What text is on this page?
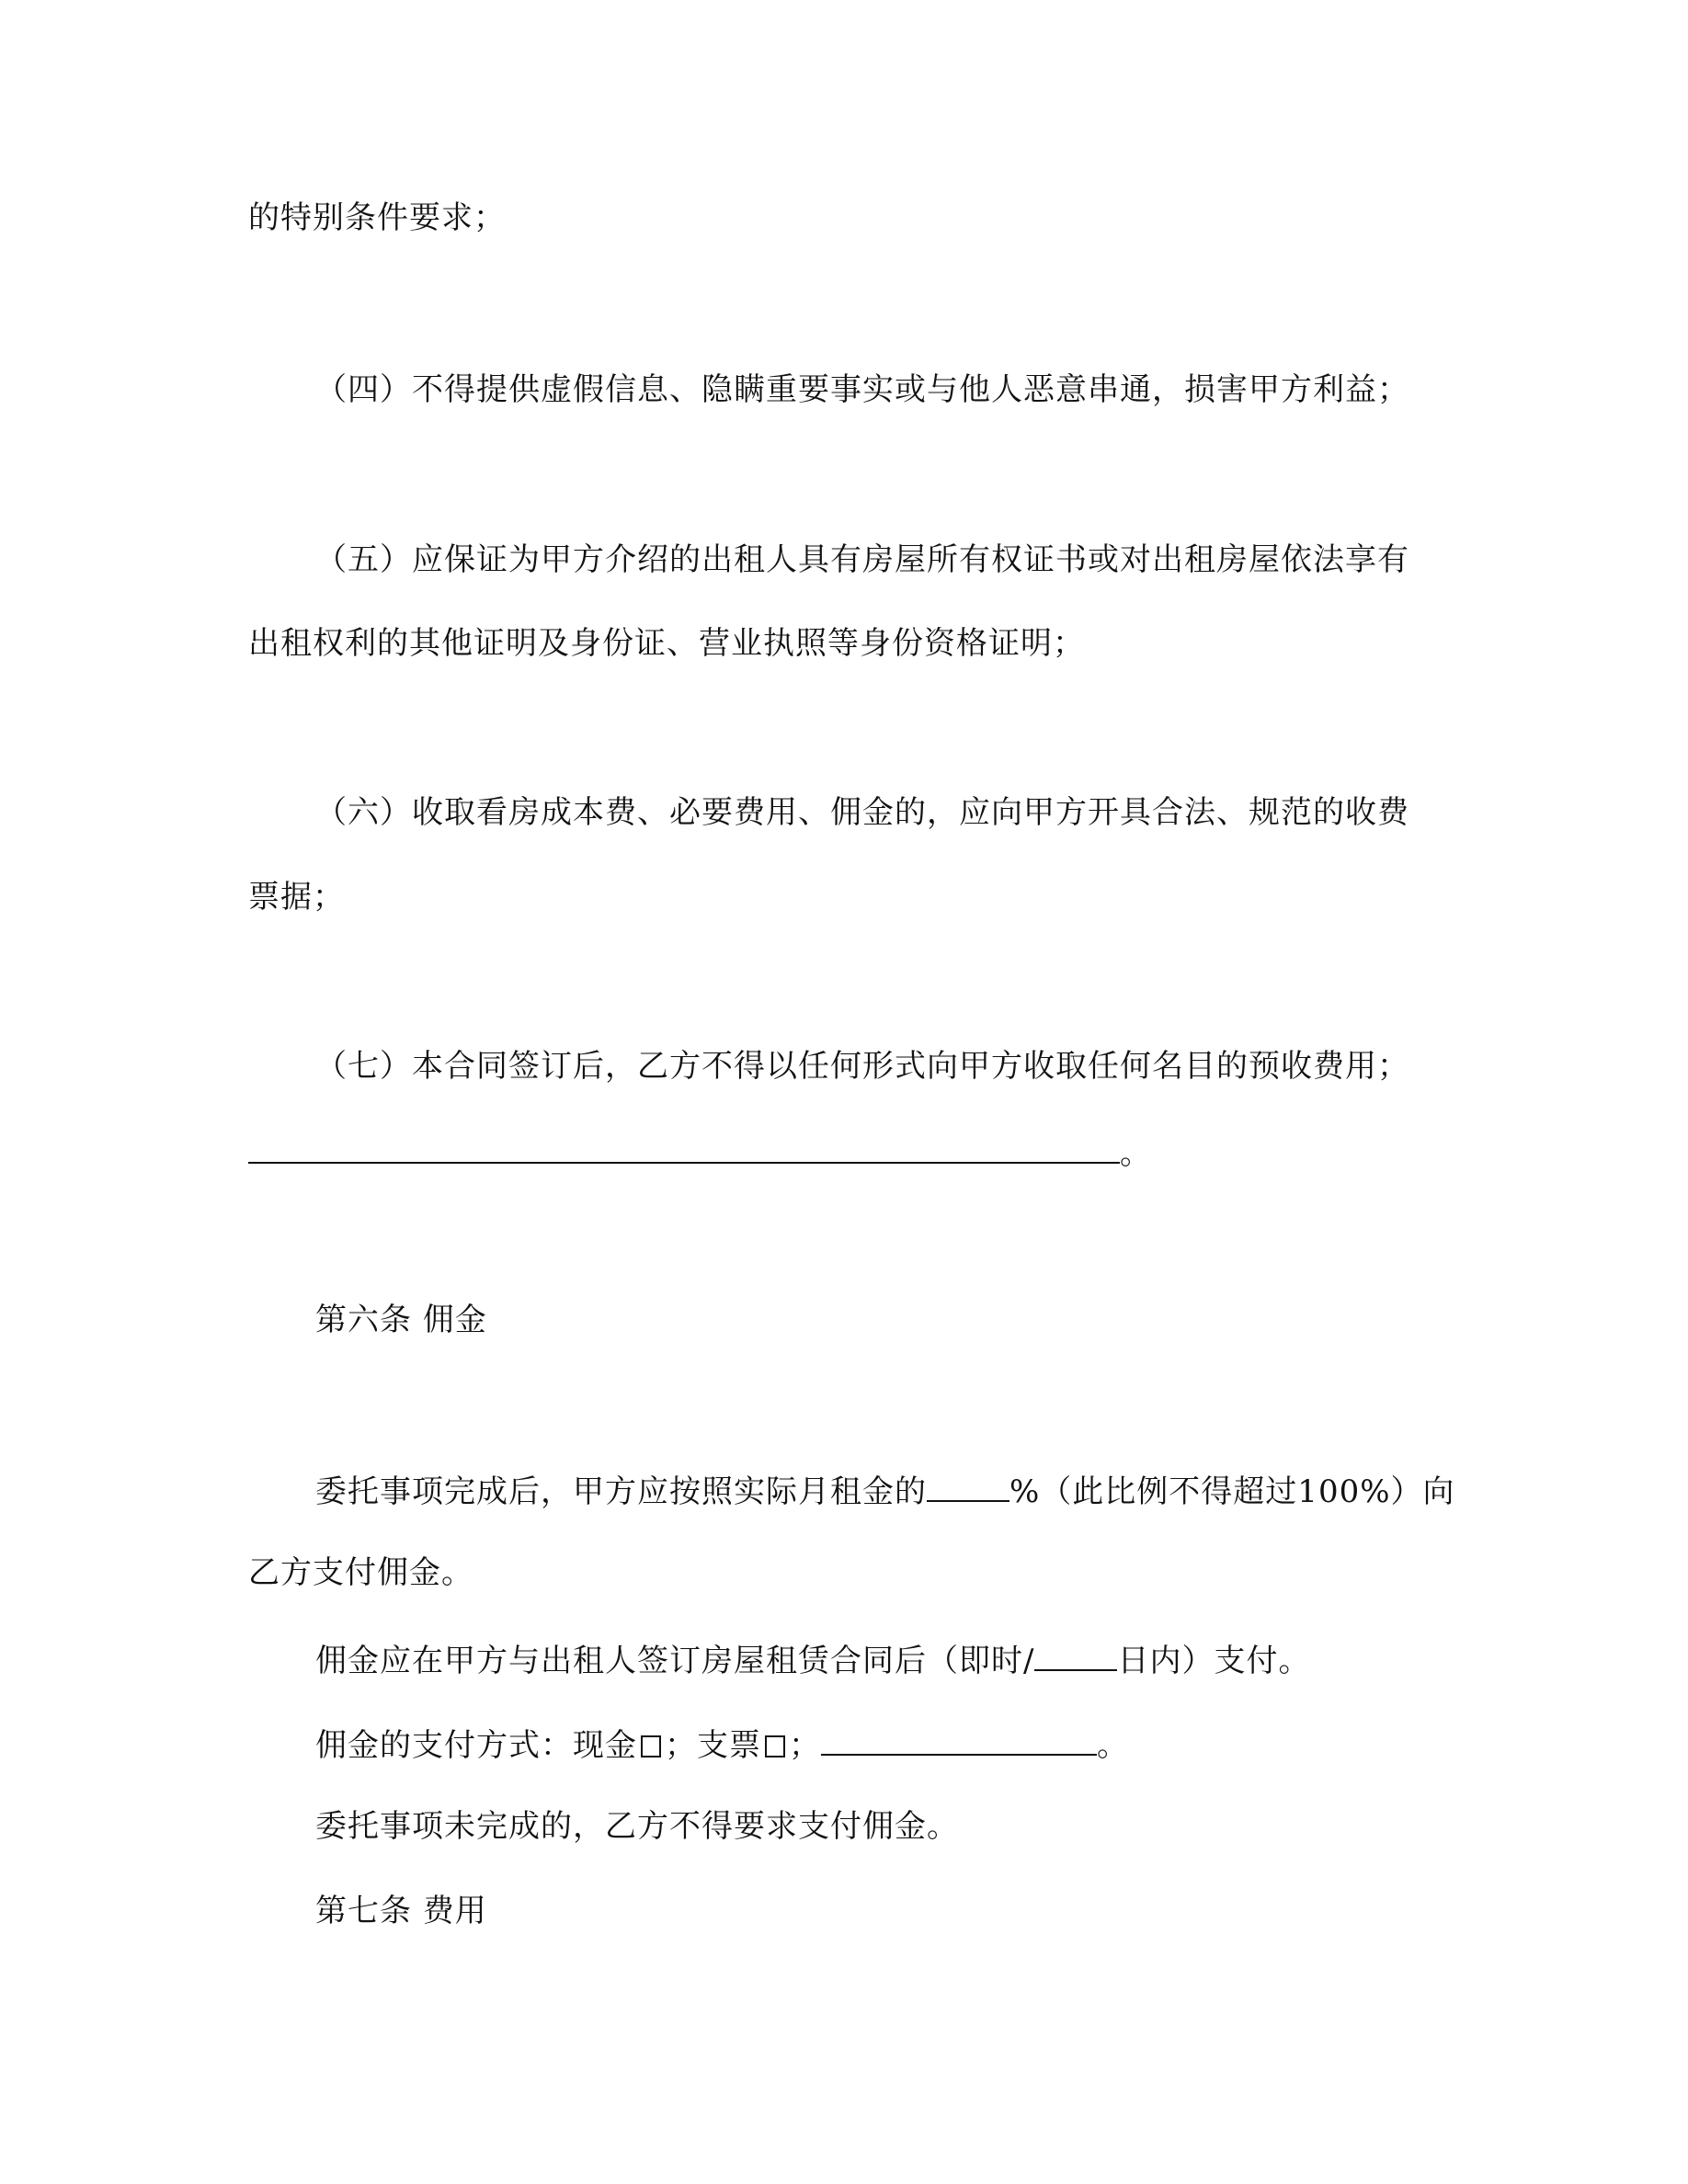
的特别条件要求；
（四）不得提供虚假信息、隐瞒重要事实或与他人恶意串通，损害甲方利益；
（五）应保证为甲方介绍的出租人具有房屋所有权证书或对出租房屋依法享有
出租权利的其他证明及身份证、营业执照等身份资格证明；
（六）收取看房成本费、必要费用、佣金的，应向甲方开具合法、规范的收费
票据；
（七）本合同签订后，乙方不得以任何形式向甲方收取任何名目的预收费用；
。
第六条 佣金
委托事项完成后，甲方应按照实际月租金的	%（此比例不得超过100%）向
乙方支付佣金。
佣金应在甲方与出租人签订房屋租赁合同后（即时/	日内）支付。
佣金的支付方式：现金 ；支票 ；	。
委托事项未完成的，乙方不得要求支付佣金。
第七条 费用
